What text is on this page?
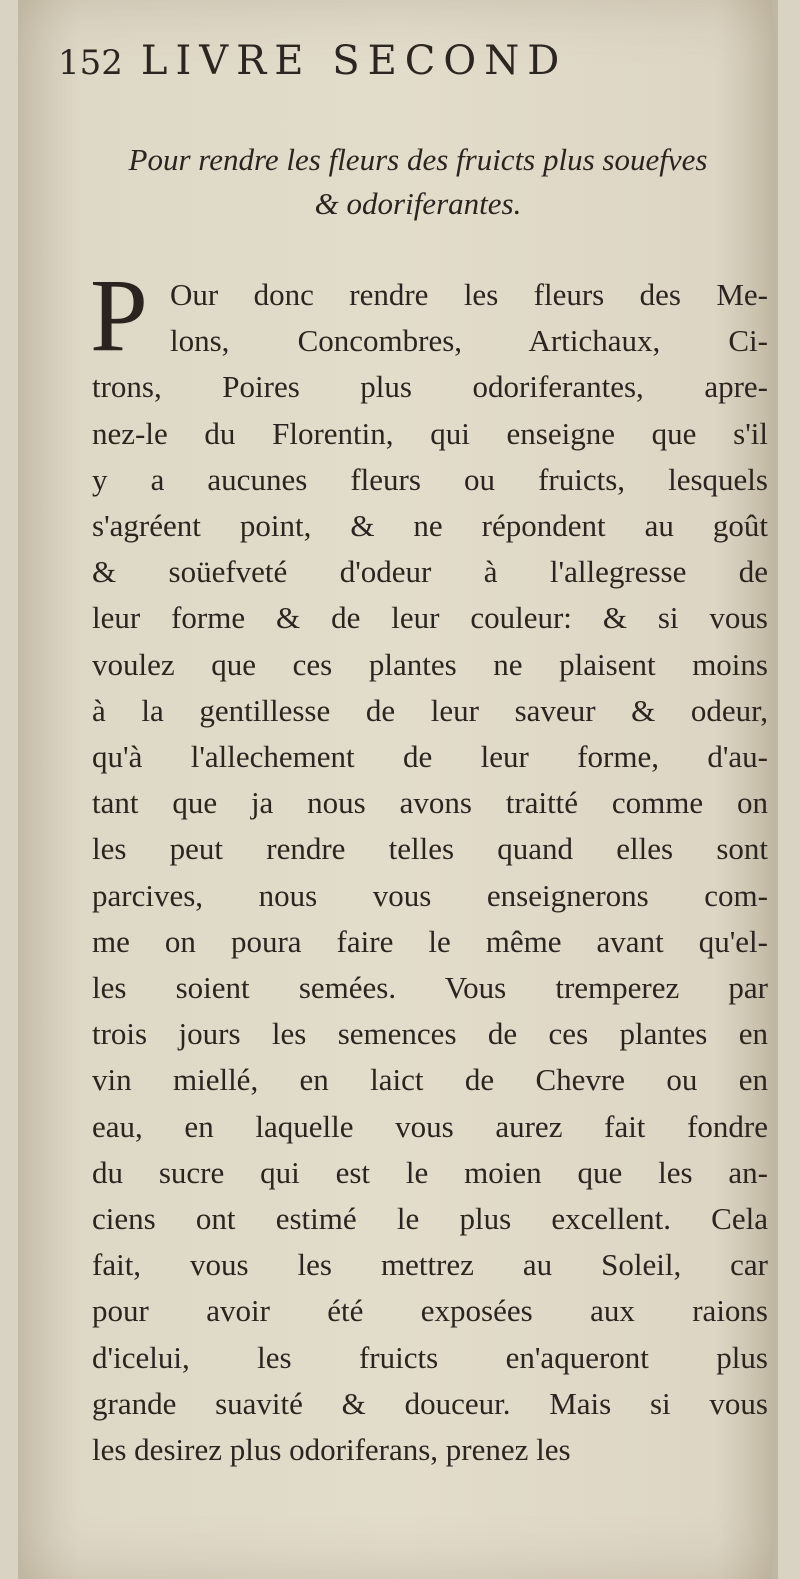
152 LIVRE SECOND
Pour rendre les fleurs des fruicts plus souefves
& odoriferantes.
P Our donc rendre les fleurs des Me-
lons, Concombres, Artichaux, Ci-
trons, Poires plus odoriferantes, apre-
nez-le du Florentin, qui enseigne que s'il
y a aucunes fleurs ou fruicts, lesquels
s'agréent point, & ne répondent au goût
& soüefveté d'odeur à l'allegresse de
leur forme & de leur couleur: & si vous
voulez que ces plantes ne plaisent moins
à la gentillesse de leur saveur & odeur,
qu'à l'allechement de leur forme, d'au-
tant que ja nous avons traitté comme on
les peut rendre telles quand elles sont
parcives, nous vous enseignerons com-
me on poura faire le même avant qu'el-
les soient semées. Vous tremperez par
trois jours les semences de ces plantes en
vin miellé, en laict de Chevre ou en
eau, en laquelle vous aurez fait fondre
du sucre qui est le moien que les an-
ciens ont estimé le plus excellent. Cela
fait, vous les mettrez au Soleil, car
pour avoir été exposées aux raions
d'icelui, les fruicts en'aqueront plus
grande suavité & douceur. Mais si vous
les desirez plus odoriferans, prenez les
